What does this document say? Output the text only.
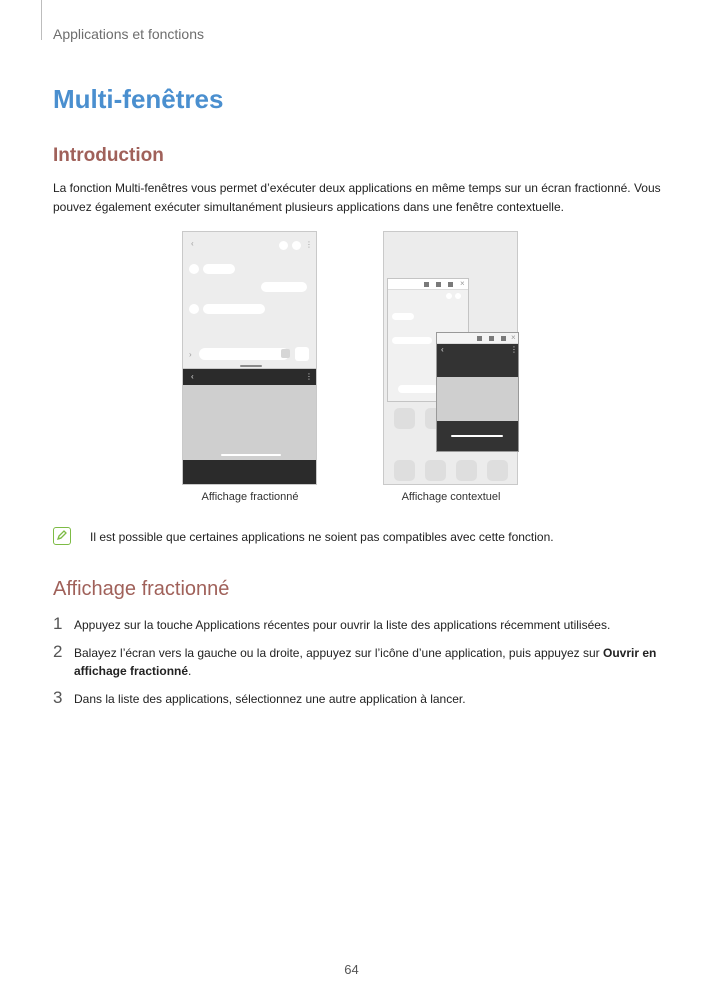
Applications et fonctions
Multi-fenêtres
Introduction

La fonction Multi-fenêtres vous permet d’exécuter deux applications en même temps sur un écran fractionné. Vous pouvez également exécuter simultanément plusieurs applications dans une fenêtre contextuelle.

‹	⋮
›
‹	⋮
×
×
‹	⋮
Affichage fractionné	Affichage contextuel
Il est possible que certaines applications ne soient pas compatibles avec cette fonction.
Affichage fractionné
1 Appuyez sur la touche Applications récentes pour ouvrir la liste des applications récemment utilisées.
2 Balayez l’écran vers la gauche ou la droite, appuyez sur l’icône d’une application, puis appuyez sur Ouvrir en affichage fractionné.
3 Dans la liste des applications, sélectionnez une autre application à lancer.
64
